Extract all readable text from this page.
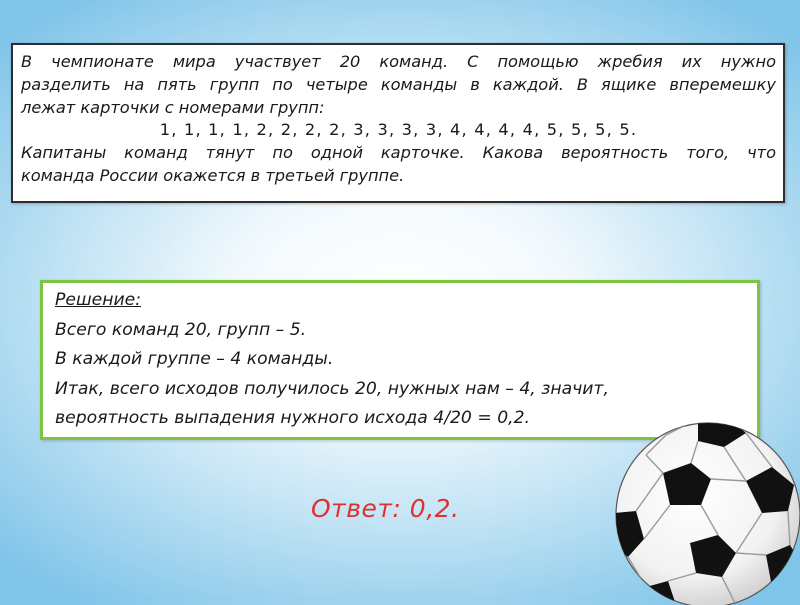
В чемпионате мира участвует 20 команд. С помощью жребия их нужно
разделить на пять групп по четыре команды в каждой. В ящике вперемешку
лежат карточки с номерами групп:
1, 1, 1, 1, 2, 2, 2, 2, 3, 3, 3, 3, 4, 4, 4, 4, 5, 5, 5, 5.
Капитаны команд тянут по одной карточке. Какова вероятность того, что
команда России окажется в третьей группе.
Решение:
Всего команд 20, групп – 5.
В каждой группе – 4 команды.
Итак, всего исходов получилось 20, нужных нам – 4, значит,
вероятность выпадения нужного исхода 4/20 = 0,2.
Ответ: 0,2.
